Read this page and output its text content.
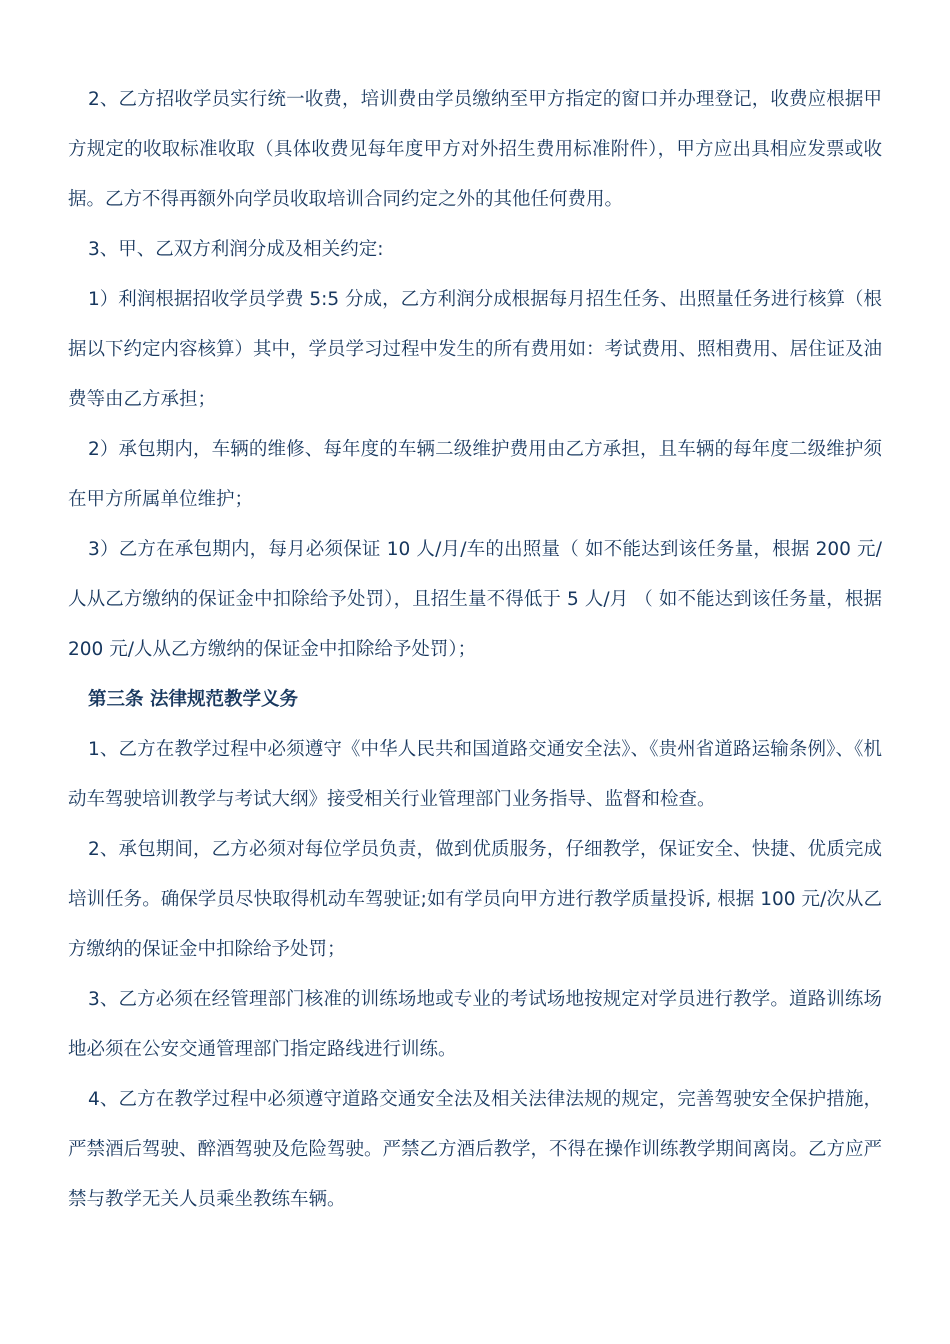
2、乙方招收学员实行统一收费，培训费由学员缴纳至甲方指定的窗口并办理登记，收费应根据甲方规定的收取标准收取（具体收费见每年度甲方对外招生费用标准附件），甲方应出具相应发票或收据。乙方不得再额外向学员收取培训合同约定之外的其他任何费用。

3、甲、乙双方利润分成及相关约定:

1）利润根据招收学员学费 5:5 分成，乙方利润分成根据每月招生任务、出照量任务进行核算（根据以下约定内容核算）其中，学员学习过程中发生的所有费用如：考试费用、照相费用、居住证及油费等由乙方承担；

2）承包期内，车辆的维修、每年度的车辆二级维护费用由乙方承担，且车辆的每年度二级维护须在甲方所属单位维护；

3）乙方在承包期内，每月必须保证 10 人/月/车的出照量（ 如不能达到该任务量，根据 200 元/人从乙方缴纳的保证金中扣除给予处罚），且招生量不得低于 5 人/月 （ 如不能达到该任务量，根据 200 元/人从乙方缴纳的保证金中扣除给予处罚）；

第三条 法律规范教学义务

1、乙方在教学过程中必须遵守《中华人民共和国道路交通安全法》、《贵州省道路运输条例》、《机动车驾驶培训教学与考试大纲》接受相关行业管理部门业务指导、监督和检查。

2、承包期间，乙方必须对每位学员负责，做到优质服务，仔细教学，保证安全、快捷、优质完成培训任务。确保学员尽快取得机动车驾驶证;如有学员向甲方进行教学质量投诉, 根据 100 元/次从乙方缴纳的保证金中扣除给予处罚；

3、乙方必须在经管理部门核准的训练场地或专业的考试场地按规定对学员进行教学。道路训练场地必须在公安交通管理部门指定路线进行训练。

4、乙方在教学过程中必须遵守道路交通安全法及相关法律法规的规定，完善驾驶安全保护措施，严禁酒后驾驶、醉酒驾驶及危险驾驶。严禁乙方酒后教学，不得在操作训练教学期间离岗。乙方应严禁与教学无关人员乘坐教练车辆。
